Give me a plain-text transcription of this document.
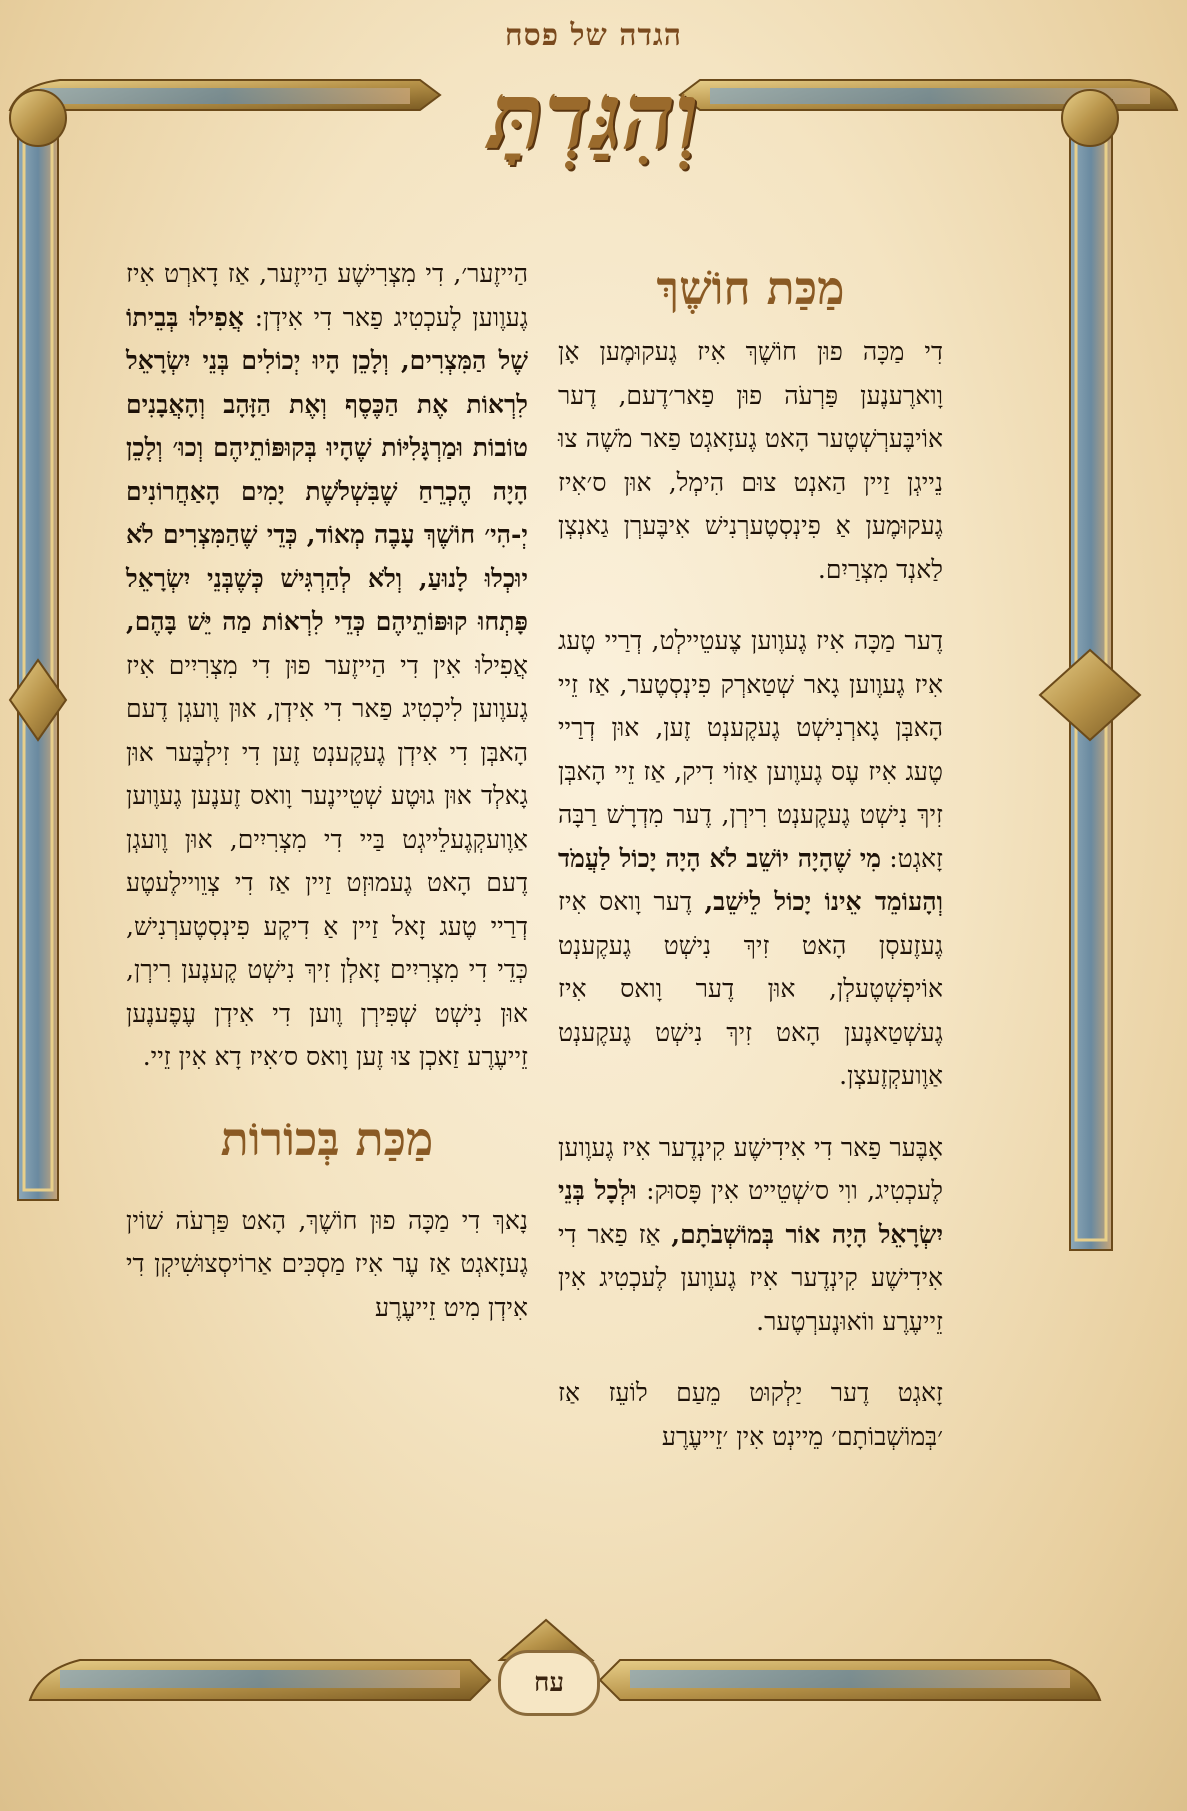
הגדה של פסח
וְהִגַּדְתָּ
מַכַּת חוֹשֶׁךְ

דִי מַכָּה פוּן חוֹשֶׁךְ אִיז גֶעקוּמֶען אָן וָוארֶענֶען פַּרְעֹה פוּן פַאר׳דֶעם, דֶער אוֹיבֶּערְשְׁטֶער הָאט גֶעזָאגְט פַאר מֹשֶׁה צוּ נֵייגְן זַיין הַאנְט צוּם הִימְל, אוּן ס׳אִיז גֶעקוּמֶען אַ פִינְסְטֶערְנִישׁ אִיבֶּערְן גַאנְצְן לַאנְד מִצְרַיִם.

דֶער מַכָּה אִיז גֶעוֶוען צֶעטֵיילְט, דְרַיי טֶעג אִיז גֶעוֶוען גָאר שְׁטַארְק פִינְסְטֶער, אַז זֵיי הָאבְּן גָארְנִישְׁט גֶעקֶענְט זֶען, אוּן דְרַיי טֶעג אִיז עֶס גֶעוֶוען אַזוֹי דִיק, אַז זֵיי הָאבְּן זִיךְ נִישְׁט גֶעקֶענְט רִירְן, דֶער מִדְרָשׁ רַבָּה זָאגְט: מִי שֶׁהָיָה יוֹשֵׁב לֹא הָיָה יָכוֹל לַעֲמֹד וְהָעוֹמֵד אֵינוֹ יָכוֹל לֵישֵׁב, דֶער וָואס אִיז גֶעזֶעסְן הָאט זִיךְ נִישְׁט גֶעקֶענְט אוֹיפְשְׁטֶעלְן, אוּן דֶער וָואס אִיז גֶעשְׁטַאנֶען הָאט זִיךְ נִישְׁט גֶעקֶענְט אַוֶועקְזֶעצְן.

אָבֶּער פַאר דִי אִידִישֶׁע קִינְדֶער אִיז גֶעוֶוען לֶעכְטִיג, ווִי ס׳שְׁטֵייט אִין פָּסוּק: וּלְכָל בְּנֵי יִשְׂרָאֵל הָיָה אוֹר בְּמוֹשְׁבֹתָם, אַז פַאר דִי אִידִישֶׁע קִינְדֶער אִיז גֶעוֶוען לֶעכְטִיג אִין זֵייעֶרֶע ווֹאוּנֶערְטֶער.

זָאגְט דֶער יַלְקוּט מֵעַם לוֹעֵז אַז ׳בְּמוֹשְׁבוֹתָם׳ מֵיינְט אִין ׳זֵייעֶרֶע

הַייזֶער׳, דִי מִצְרִישֶׁע הַייזֶער, אַז דָארְט אִיז גֶעוֶוען לֶעכְטִיג פַאר דִי אִידְן: אֲפִילוּ בְּבֵיתוֹ שֶׁל הַמִּצְרִים, וְלָכֵן הָיוּ יְכוֹלִים בְּנֵי יִשְׂרָאֵל לִרְאוֹת אֶת הַכֶּסֶף וְאֶת הַזָּהָב וְהָאֲבָנִים טוֹבוֹת וּמַרְגָּלִיּוֹת שֶׁהָיוּ בְּקוּפּוֹתֵיהֶם וְכוּ׳ וְלָכֵן הָיָה הֶכְרֵחַ שֶׁבִּשְׁלֹשֶׁת יָמִים הָאַחֲרוֹנִים יְ-הִי׳ חוֹשֶׁךְ עָבֶה מְאוֹד, כְּדֵי שֶׁהַמִּצְרִים לֹא יוּכְלוּ לָנוּעַ, וְלֹא לְהַרְגִּישׁ כְּשֶׁבְּנֵי יִשְׂרָאֵל פָּתְחוּ קוּפּוֹתֵיהֶם כְּדֵי לִרְאוֹת מַה יֵּשׁ בָּהֶם, אֲפִילוּ אִין דִי הַייזֶער פוּן דִי מִצְרִיִים אִיז גֶעוֶוען לִיכְטִיג פַאר דִי אִידְן, אוּן וֶועגְן דֶעם הָאבְּן דִי אִידְן גֶעקֶענְט זֶען דִי זִילְבֶּער אוּן גָאלְד אוּן גוּטֶע שְׁטֵיינֶער וָואס זֶענֶען גֶעוֶוען אַוֶועקְגֶעלֵייגְט בַּיי דִי מִצְרִיִים, אוּן וֶועגְן דֶעם הָאט גֶעמוּזְט זַיין אַז דִי צְוֵויילֶעטֶע דְרַיי טֶעג זָאל זַיין אַ דִיקֶע פִינְסְטֶערְנִישׁ, כְּדֵי דִי מִצְרִיִים זָאלְן זִיךְ נִישְׁט קֶענֶען רִירְן, אוּן נִישְׁט שְׁפִּירְן וֶוען דִי אִידְן עֶפֶענֶען זֵייעֶרֶע זַאכְן צוּ זֶען וָואס ס׳אִיז דָא אִין זֵיי.

מַכַּת בְּכוֹרוֹת

נָאךְ דִי מַכָּה פוּן חוֹשֶׁךְ, הָאט פַּרְעֹה שׁוֹין גֶעזָאגְט אַז עֶר אִיז מַסְכִּים אַרוֹיסְצוּשִׁיקְן דִי אִידְן מִיט זֵייעֶרֶע

עח
